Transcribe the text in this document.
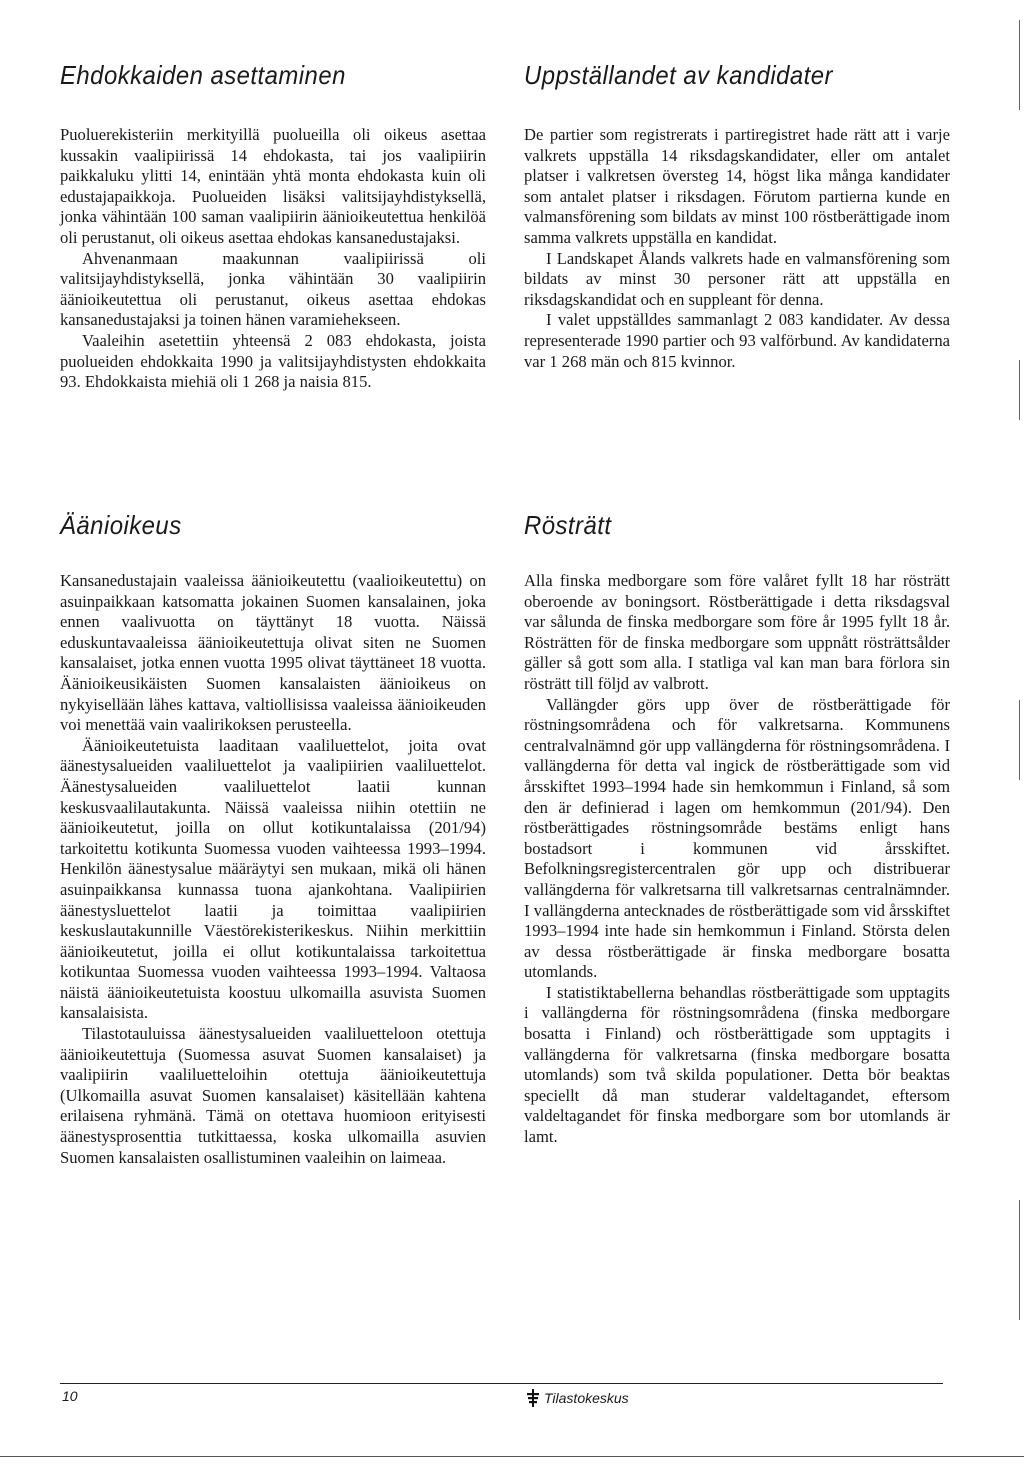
Ehdokkaiden asettaminen

Puoluerekisteriin merkityillä puolueilla oli oikeus asettaa kussakin vaalipiirissä 14 ehdokasta, tai jos vaalipiirin paikkaluku ylitti 14, enintään yhtä monta ehdokasta kuin oli edustajapaikkoja. Puolueiden lisäksi valitsijayhdistyksellä, jonka vähintään 100 saman vaalipiirin äänioikeutettua henkilöä oli perustanut, oli oikeus asettaa ehdokas kansanedustajaksi.

Ahvenanmaan maakunnan vaalipiirissä oli valitsijayhdistyksellä, jonka vähintään 30 vaalipiirin äänioikeutettua oli perustanut, oikeus asettaa ehdokas kansanedustajaksi ja toinen hänen varamiehekseen.

Vaaleihin asetettiin yhteensä 2 083 ehdokasta, joista puolueiden ehdokkaita 1990 ja valitsijayhdistysten ehdokkaita 93. Ehdokkaista miehiä oli 1 268 ja naisia 815.

Äänioikeus

Kansanedustajain vaaleissa äänioikeutettu (vaalioikeutettu) on asuinpaikkaan katsomatta jokainen Suomen kansalainen, joka ennen vaalivuotta on täyttänyt 18 vuotta. Näissä eduskuntavaaleissa äänioikeutettuja olivat siten ne Suomen kansalaiset, jotka ennen vuotta 1995 olivat täyttäneet 18 vuotta. Äänioikeusikäisten Suomen kansalaisten äänioikeus on nykyisellään lähes kattava, valtiollisissa vaaleissa äänioikeuden voi menettää vain vaalirikoksen perusteella.

Äänioikeutetuista laaditaan vaaliluettelot, joita ovat äänestysalueiden vaaliluettelot ja vaalipiirien vaaliluettelot. Äänestysalueiden vaaliluettelot laatii kunnan keskusvaalilautakunta. Näissä vaaleissa niihin otettiin ne äänioikeutetut, joilla on ollut kotikuntalaissa (201/94) tarkoitettu kotikunta Suomessa vuoden vaihteessa 1993–1994. Henkilön äänestysalue määräytyi sen mukaan, mikä oli hänen asuinpaikkansa kunnassa tuona ajankohtana. Vaalipiirien äänestysluettelot laatii ja toimittaa vaalipiirien keskuslautakunnille Väestörekisterikeskus. Niihin merkittiin äänioikeutetut, joilla ei ollut kotikuntalaissa tarkoitettua kotikuntaa Suomessa vuoden vaihteessa 1993–1994. Valtaosa näistä äänioikeutetuista koostuu ulkomailla asuvista Suomen kansalaisista.

Tilastotauluissa äänestysalueiden vaaliluetteloon otettuja äänioikeutettuja (Suomessa asuvat Suomen kansalaiset) ja vaalipiirin vaaliluetteloihin otettuja äänioikeutettuja (Ulkomailla asuvat Suomen kansalaiset) käsitellään kahtena erilaisena ryhmänä. Tämä on otettava huomioon erityisesti äänestysprosenttia tutkittaessa, koska ulkomailla asuvien Suomen kansalaisten osallistuminen vaaleihin on laimeaa.

Uppställandet av kandidater

De partier som registrerats i partiregistret hade rätt att i varje valkrets uppställa 14 riksdagskandidater, eller om antalet platser i valkretsen översteg 14, högst lika många kandidater som antalet platser i riksdagen. Förutom partierna kunde en valmansförening som bildats av minst 100 röstberättigade inom samma valkrets uppställa en kandidat.

I Landskapet Ålands valkrets hade en valmansförening som bildats av minst 30 personer rätt att uppställa en riksdagskandidat och en suppleant för denna.

I valet uppställdes sammanlagt 2 083 kandidater. Av dessa representerade 1990 partier och 93 valförbund. Av kandidaterna var 1 268 män och 815 kvinnor.

Rösträtt

Alla finska medborgare som före valåret fyllt 18 har rösträtt oberoende av boningsort. Röstberättigade i detta riksdagsval var sålunda de finska medborgare som före år 1995 fyllt 18 år. Rösträtten för de finska medborgare som uppnått rösträttsålder gäller så gott som alla. I statliga val kan man bara förlora sin rösträtt till följd av valbrott.

Vallängder görs upp över de röstberättigade för röstningsområdena och för valkretsarna. Kommunens centralvalnämnd gör upp vallängderna för röstningsområdena. I vallängderna för detta val ingick de röstberättigade som vid årsskiftet 1993–1994 hade sin hemkommun i Finland, så som den är definierad i lagen om hemkommun (201/94). Den röstberättigades röstningsområde bestäms enligt hans bostadsort i kommunen vid årsskiftet. Befolkningsregistercentralen gör upp och distribuerar vallängderna för valkretsarna till valkretsarnas centralnämnder. I vallängderna antecknades de röstberättigade som vid årsskiftet 1993–1994 inte hade sin hemkommun i Finland. Största delen av dessa röstberättigade är finska medborgare bosatta utomlands.

I statistiktabellerna behandlas röstberättigade som upptagits i vallängderna för röstningsområdena (finska medborgare bosatta i Finland) och röstberättigade som upptagits i vallängderna för valkretsarna (finska medborgare bosatta utomlands) som två skilda populationer. Detta bör beaktas speciellt då man studerar valdeltagandet, eftersom valdeltagandet för finska medborgare som bor utomlands är lamt.

10	Tilastokeskus
